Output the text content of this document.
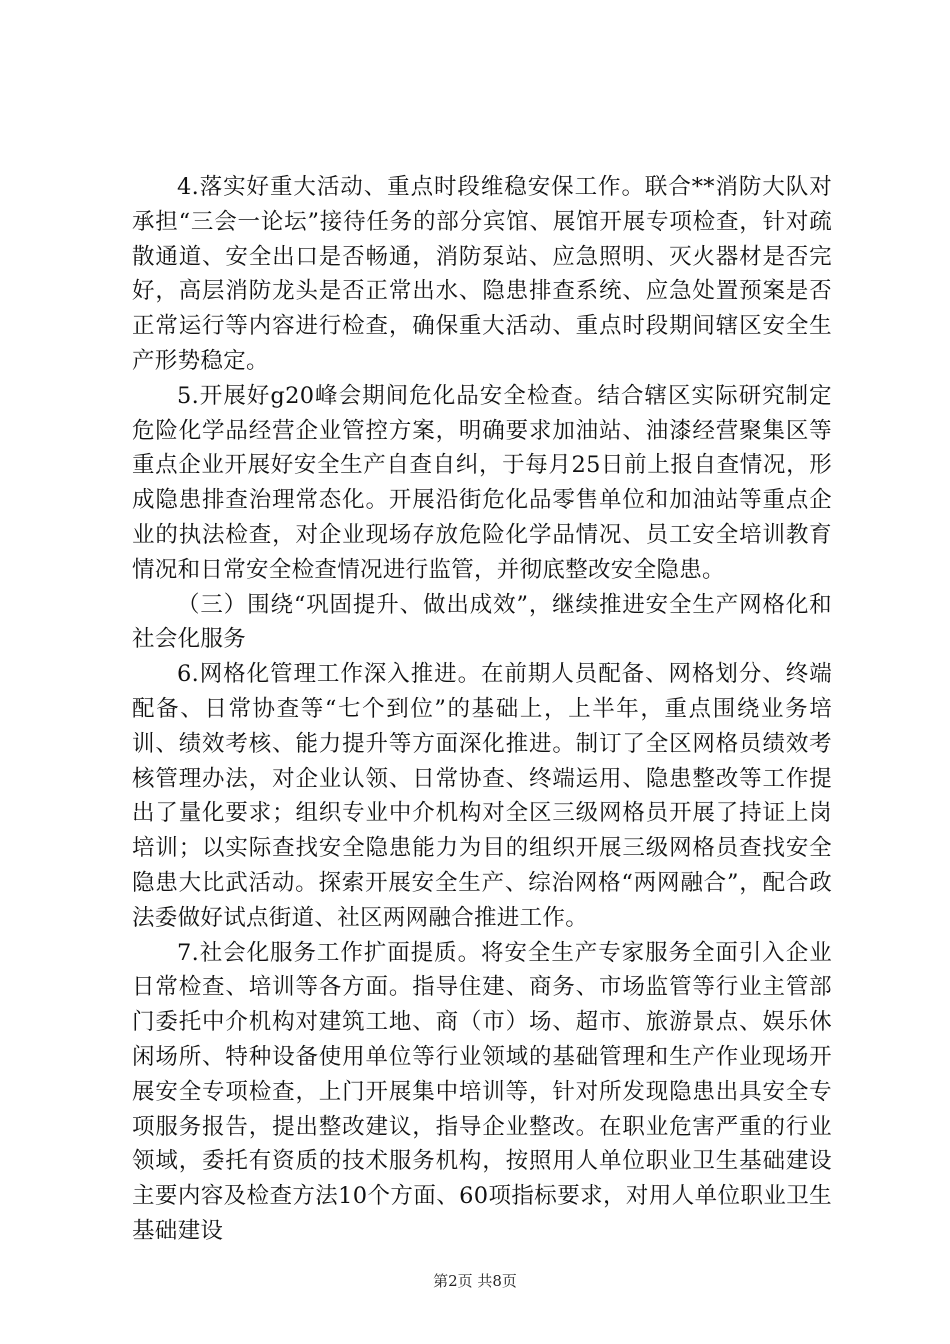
4.落实好重大活动、重点时段维稳安保工作。联合**消防大队对承担“三会一论坛”接待任务的部分宾馆、展馆开展专项检查，针对疏散通道、安全出口是否畅通，消防泵站、应急照明、灭火器材是否完好，高层消防龙头是否正常出水、隐患排查系统、应急处置预案是否正常运行等内容进行检查，确保重大活动、重点时段期间辖区安全生产形势稳定。

5.开展好g20峰会期间危化品安全检查。结合辖区实际研究制定危险化学品经营企业管控方案，明确要求加油站、油漆经营聚集区等重点企业开展好安全生产自查自纠，于每月25日前上报自查情况，形成隐患排查治理常态化。开展沿街危化品零售单位和加油站等重点企业的执法检查，对企业现场存放危险化学品情况、员工安全培训教育情况和日常安全检查情况进行监管，并彻底整改安全隐患。

（三）围绕“巩固提升、做出成效”，继续推进安全生产网格化和社会化服务

6.网格化管理工作深入推进。在前期人员配备、网格划分、终端配备、日常协查等“七个到位”的基础上，上半年，重点围绕业务培训、绩效考核、能力提升等方面深化推进。制订了全区网格员绩效考核管理办法，对企业认领、日常协查、终端运用、隐患整改等工作提出了量化要求；组织专业中介机构对全区三级网格员开展了持证上岗培训；以实际查找安全隐患能力为目的组织开展三级网格员查找安全隐患大比武活动。探索开展安全生产、综治网格“两网融合”，配合政法委做好试点街道、社区两网融合推进工作。

7.社会化服务工作扩面提质。将安全生产专家服务全面引入企业日常检查、培训等各方面。指导住建、商务、市场监管等行业主管部门委托中介机构对建筑工地、商（市）场、超市、旅游景点、娱乐休闲场所、特种设备使用单位等行业领域的基础管理和生产作业现场开展安全专项检查，上门开展集中培训等，针对所发现隐患出具安全专项服务报告，提出整改建议，指导企业整改。在职业危害严重的行业领域，委托有资质的技术服务机构，按照用人单位职业卫生基础建设主要内容及检查方法10个方面、60项指标要求，对用人单位职业卫生基础建设

第2页 共8页
